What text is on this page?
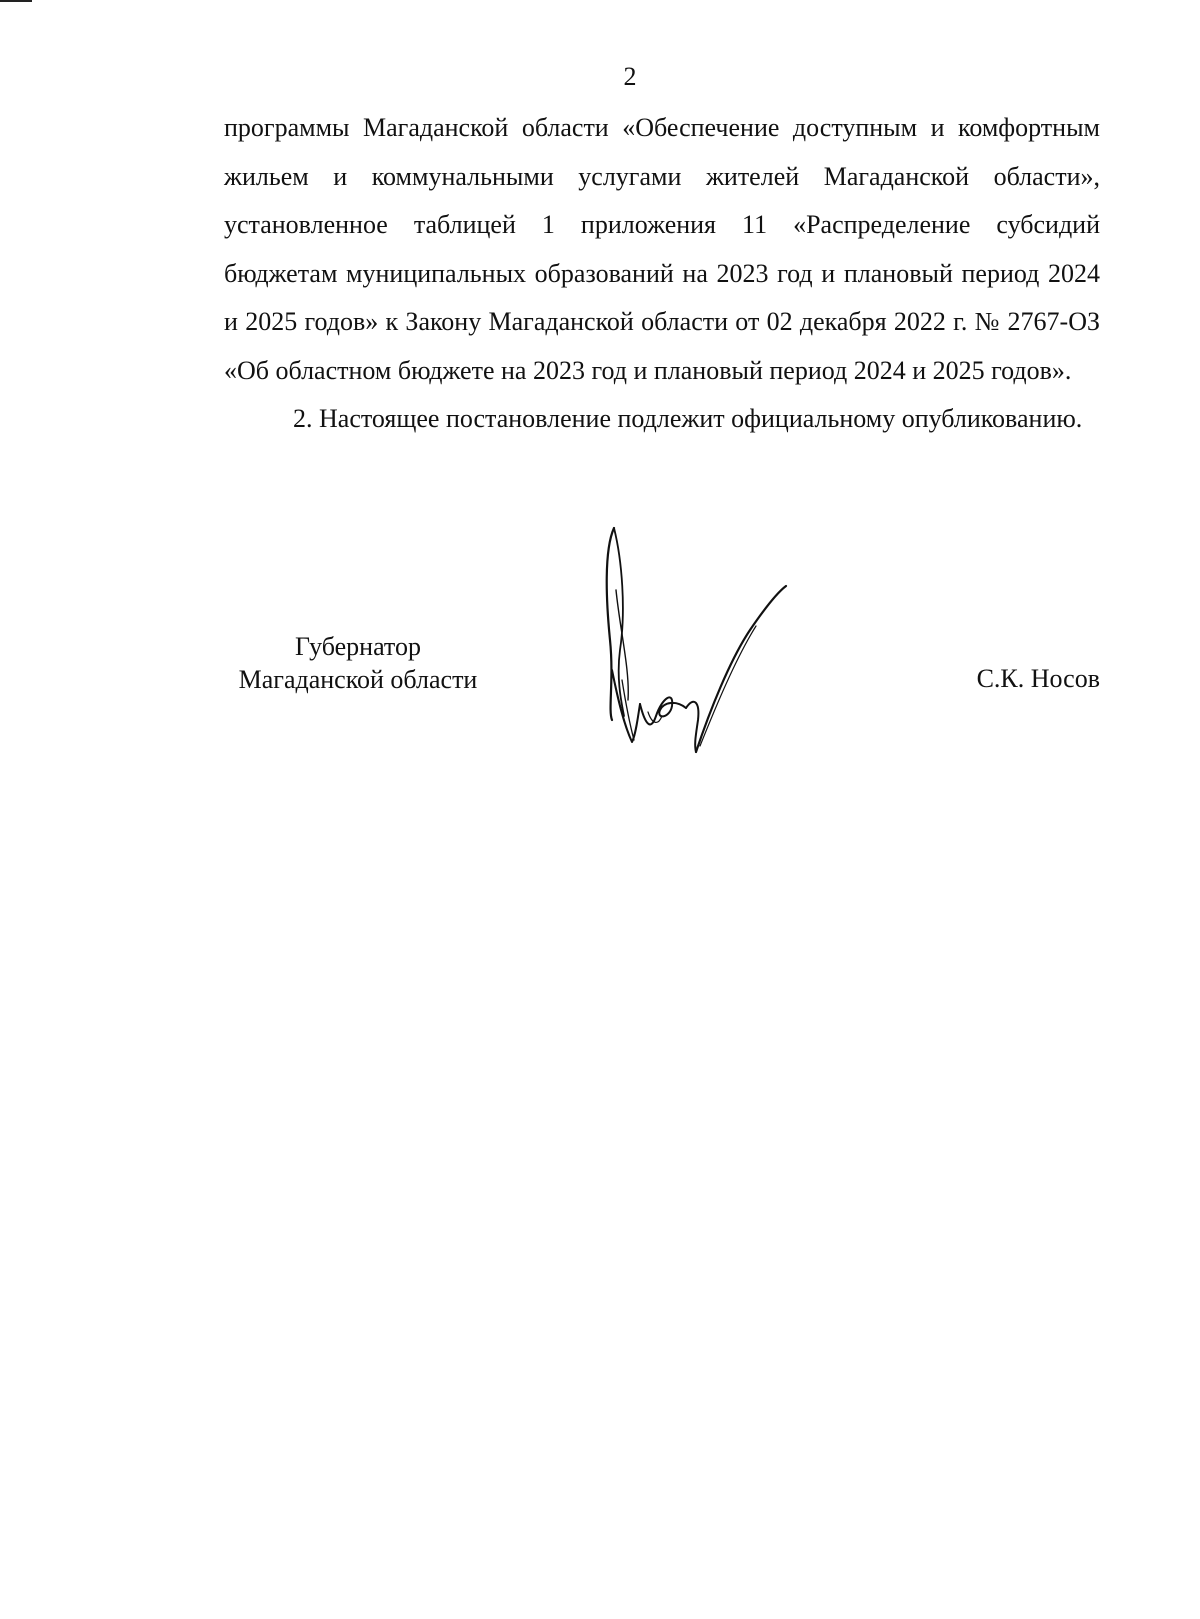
2

программы Магаданской области «Обеспечение доступным и комфортным жильем и коммунальными услугами жителей Магаданской области», установленное таблицей 1 приложения 11 «Распределение субсидий бюджетам муниципальных образований на 2023 год и плановый период 2024 и 2025 годов» к Закону Магаданской области от 02 декабря 2022 г. № 2767-ОЗ «Об областном бюджете на 2023 год и плановый период 2024 и 2025 годов».

2. Настоящее постановление подлежит официальному опубликованию.

Губернатор
Магаданской области	С.К. Носов
